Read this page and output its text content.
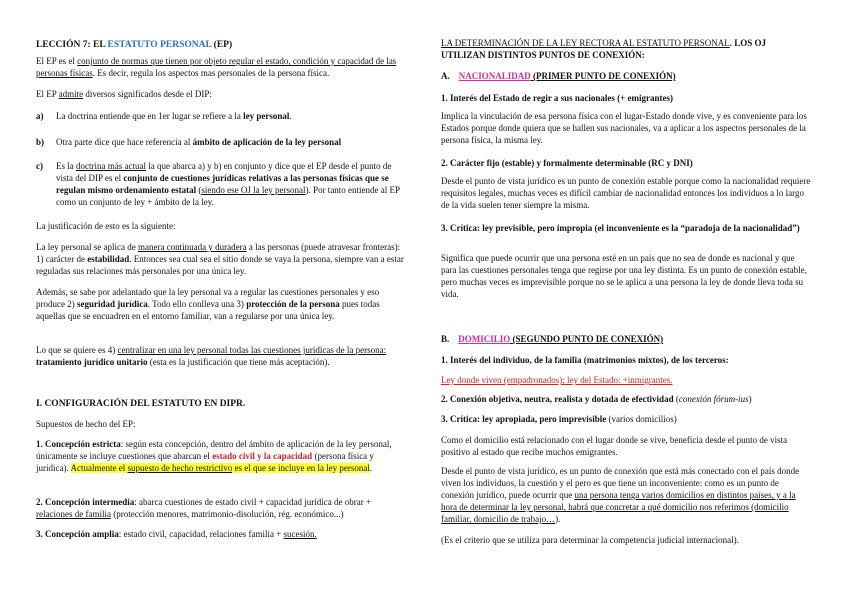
LECCIÓN 7: EL ESTATUTO PERSONAL (EP)

El EP es el conjunto de normas que tienen por objeto regular el estado, condición y capacidad de las personas físicas. Es decir, regula los aspectos mas personales de la persona física.

El EP admite diversos significados desde el DIP:

a)	La doctrina entiende que en 1er lugar se refiere a la ley personal.

b)	Otra parte dice que hace referencia al ámbito de aplicación de la ley personal

c)	Es la doctrina más actual la que abarca a) y b) en conjunto y dice que el EP desde el punto de vista del DIP es el conjunto de cuestiones jurídicas relativas a las personas físicas que se regulan mismo ordenamiento estatal (siendo ese OJ la ley personal). Por tanto entiende al EP como un conjunto de ley + ámbito de la ley.

La justificación de esto es la siguiente:

La ley personal se aplica de manera continuada y duradera a las personas (puede atravesar fronteras): 1) carácter de estabilidad. Entonces sea cual sea el sitio donde se vaya la persona, siempre van a estar reguladas sus relaciones más personales por una única ley.

Además, se sabe por adelantado que la ley personal va a regular las cuestiones personales y eso produce 2) seguridad jurídica. Todo ello conlleva una 3) protección de la persona pues todas aquellas que se encuadren en el entorno familiar, van a regularse por una única ley.

Lo que se quiere es 4) centralizar en una ley personal todas las cuestiones jurídicas de la persona: tratamiento jurídico unitario (esta es la justificación que tiene más aceptación).

I. CONFIGURACIÓN DEL ESTATUTO EN DIPR.

Supuestos de hecho del EP:

1. Concepción estricta: según esta concepción, dentro del ámbito de aplicación de la ley personal, únicamente se incluye cuestiones que abarcan el estado civil y la capacidad (persona física y jurídica). Actualmente el supuesto de hecho restrictivo es el que se incluye en la ley personal.

2. Concepción intermedia: abarca cuestiones de estado civil + capacidad jurídica de obrar + relaciones de familia (protección menores, matrimonio-disolución, rég. económico...)

3. Concepción amplia: estado civil, capacidad, relaciones familia + sucesión.

LA DETERMINACIÓN DE LA LEY RECTORA AL ESTATUTO PERSONAL. LOS OJ UTILIZAN DISTINTOS PUNTOS DE CONEXIÓN:

A. NACIONALIDAD (PRIMER PUNTO DE CONEXIÓN)

1. Interés del Estado de regir a sus nacionales (+ emigrantes)

Implica la vinculación de esa persona física con el lugar-Estado donde vive, y es conveniente para los Estados porque donde quiera que se hallen sus nacionales, va a aplicar a los aspectos personales de la persona física, la misma ley.

2. Carácter fijo (estable) y formalmente determinable (RC y DNI)

Desde el punto de vista jurídico es un punto de conexión estable porque como la nacionalidad requiere requisitos legales, muchas veces es difícil cambiar de nacionalidad entonces los individuos a lo largo de la vida suelen tener siempre la misma.

3. Crítica: ley previsible, pero impropia (el inconveniente es la “paradoja de la nacionalidad”)

Significa que puede ocurrir que una persona esté en un país que no sea de donde es nacional y que para las cuestiones personales tenga que regirse por una ley distinta. Es un punto de conexión estable, pero muchas veces es imprevisible porque no se le aplica a una persona la ley de donde lleva toda su vida.

B. DOMICILIO (SEGUNDO PUNTO DE CONEXIÓN)

1. Interés del individuo, de la familia (matrimonios mixtos), de los terceros:

Ley donde viven (empadronados); ley del Estado: +inmigrantes.

2. Conexión objetiva, neutra, realista y dotada de efectividad (conexión fórum-ius)

3. Crítica: ley apropiada, pero imprevisible (varios domicilios)

Como el domicilio está relacionado con el lugar donde se vive, beneficia desde el punto de vista positivo al estado que recibe muchos emigrantes.

Desde el punto de vista jurídico, es un punto de conexión que está más conectado con el país donde viven los individuos, la cuestión y el pero es que tiene un inconveniente: como es un punto de conexión jurídico, puede ocurrir que una persona tenga varios domicilios en distintos países, y a la hora de determinar la ley personal, habrá que concretar a qué domicilio nos referimos (domicilio familiar, domicilio de trabajo…).

(Es el criterio que se utiliza para determinar la competencia judicial internacional).
